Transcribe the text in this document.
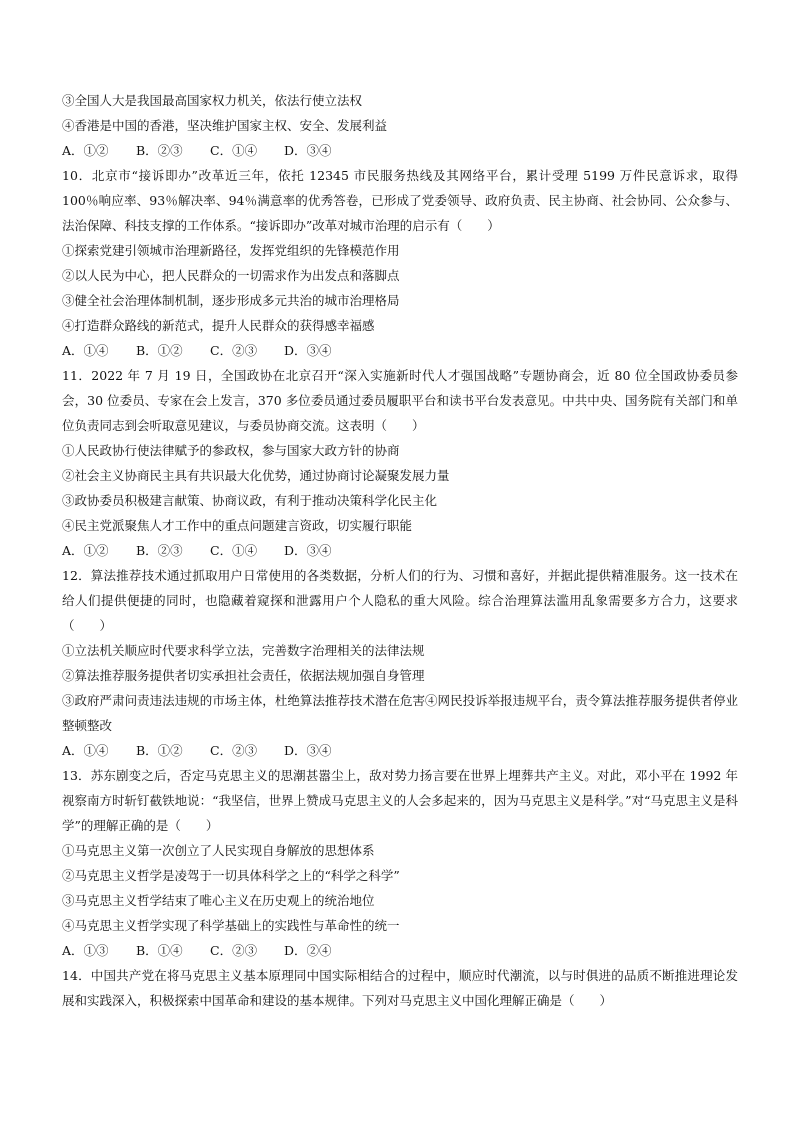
③全国人大是我国最高国家权力机关，依法行使立法权
④香港是中国的香港，坚决维护国家主权、安全、发展利益
A．①②	B．②③	C．①④	D．③④
10．北京市“接诉即办”改革近三年，依托 12345 市民服务热线及其网络平台，累计受理 5199 万件民意诉求，取得 100％响应率、93％解决率、94％满意率的优秀答卷，已形成了党委领导、政府负责、民主协商、社会协同、公众参与、法治保障、科技支撑的工作体系。“接诉即办”改革对城市治理的启示有（　　）
①探索党建引领城市治理新路径，发挥党组织的先锋模范作用
②以人民为中心，把人民群众的一切需求作为出发点和落脚点
③健全社会治理体制机制，逐步形成多元共治的城市治理格局
④打造群众路线的新范式，提升人民群众的获得感幸福感
A．①④	B．①②	C．②③	D．③④
11．2022 年 7 月 19 日，全国政协在北京召开“深入实施新时代人才强国战略”专题协商会，近 80 位全国政协委员参会，30 位委员、专家在会上发言，370 多位委员通过委员履职平台和读书平台发表意见。中共中央、国务院有关部门和单位负责同志到会听取意见建议，与委员协商交流。这表明（　　）
①人民政协行使法律赋予的参政权，参与国家大政方针的协商
②社会主义协商民主具有共识最大化优势，通过协商讨论凝聚发展力量
③政协委员积极建言献策、协商议政，有利于推动决策科学化民主化
④民主党派聚焦人才工作中的重点问题建言资政，切实履行职能
A．①②	B．②③	C．①④	D．③④
12．算法推荐技术通过抓取用户日常使用的各类数据，分析人们的行为、习惯和喜好，并据此提供精准服务。这一技术在给人们提供便捷的同时，也隐藏着窥探和泄露用户个人隐私的重大风险。综合治理算法滥用乱象需要多方合力，这要求（　　）
①立法机关顺应时代要求科学立法，完善数字治理相关的法律法规
②算法推荐服务提供者切实承担社会责任，依据法规加强自身管理
③政府严肃问责违法违规的市场主体，杜绝算法推荐技术潜在危害④网民投诉举报违规平台，责令算法推荐服务提供者停业整顿整改
A．①④	B．①②	C．②③	D．③④
13．苏东剧变之后，否定马克思主义的思潮甚嚣尘上，敌对势力扬言要在世界上埋葬共产主义。对此，邓小平在 1992 年视察南方时斩钉截铁地说：“我坚信，世界上赞成马克思主义的人会多起来的，因为马克思主义是科学。”对“马克思主义是科学”的理解正确的是（　　）
①马克思主义第一次创立了人民实现自身解放的思想体系
②马克思主义哲学是凌驾于一切具体科学之上的“科学之科学”
③马克思主义哲学结束了唯心主义在历史观上的统治地位
④马克思主义哲学实现了科学基础上的实践性与革命性的统一
A．①③	B．①④	C．②③	D．②④
14．中国共产党在将马克思主义基本原理同中国实际相结合的过程中，顺应时代潮流，以与时俱进的品质不断推进理论发展和实践深入，积极探索中国革命和建设的基本规律。下列对马克思主义中国化理解正确是（　　）
